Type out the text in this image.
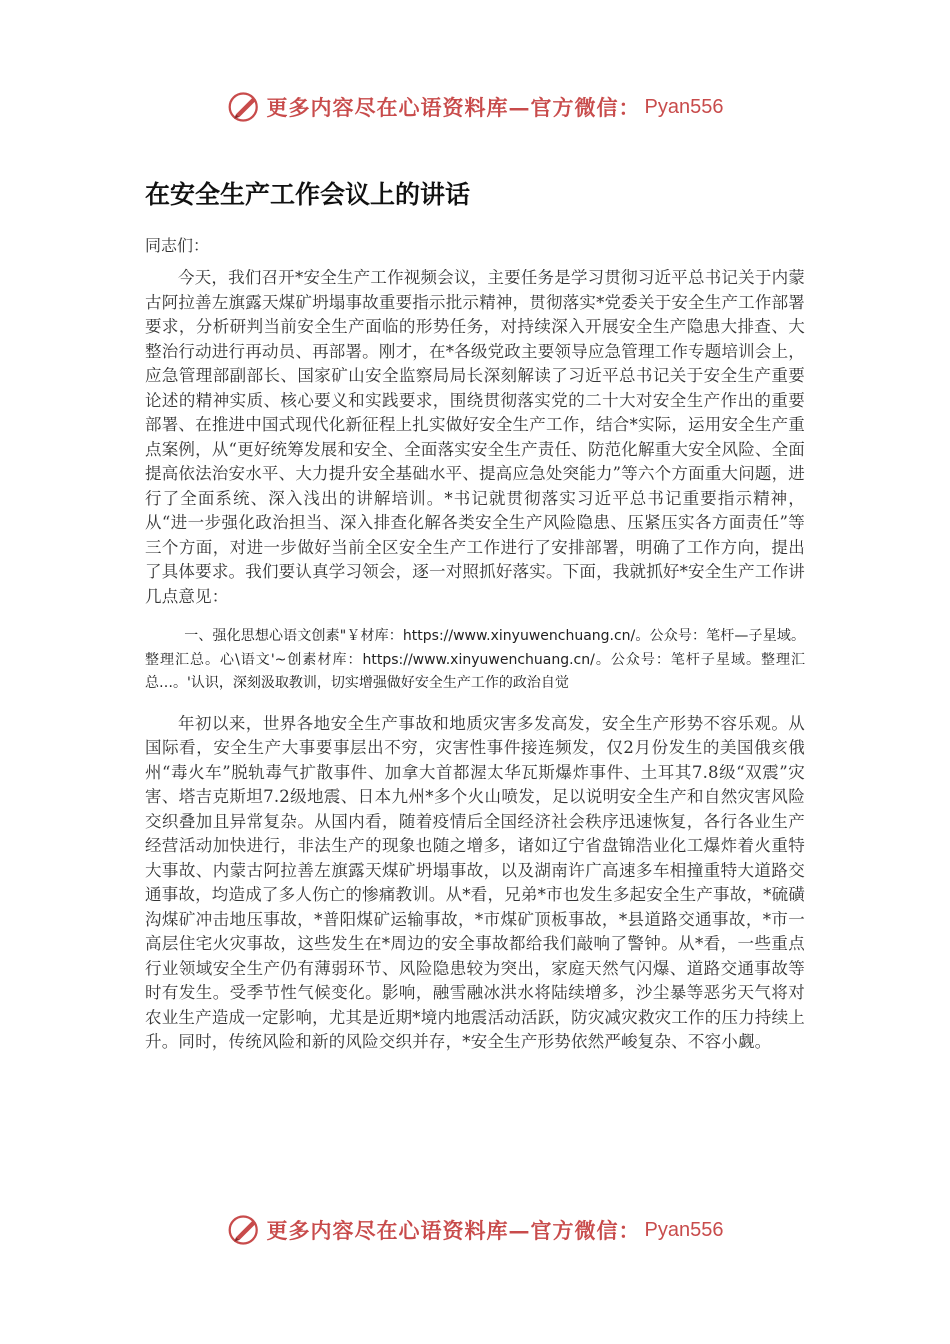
更多内容尽在心语资料库—官方微信： Pyan556
在安全生产工作会议上的讲话
同志们：

今天，我们召开*安全生产工作视频会议，主要任务是学习贯彻习近平总书记关于内蒙古阿拉善左旗露天煤矿坍塌事故重要指示批示精神，贯彻落实*党委关于安全生产工作部署要求，分析研判当前安全生产面临的形势任务，对持续深入开展安全生产隐患大排查、大整治行动进行再动员、再部署。刚才，在*各级党政主要领导应急管理工作专题培训会上，应急管理部副部长、国家矿山安全监察局局长深刻解读了习近平总书记关于安全生产重要论述的精神实质、核心要义和实践要求，围绕贯彻落实党的二十大对安全生产作出的重要部署、在推进中国式现代化新征程上扎实做好安全生产工作，结合*实际，运用安全生产重点案例，从“更好统筹发展和安全、全面落实安全生产责任、防范化解重大安全风险、全面提高依法治安水平、大力提升安全基础水平、提高应急处突能力”等六个方面重大问题，进行了全面系统、深入浅出的讲解培训。*书记就贯彻落实习近平总书记重要指示精神，从“进一步强化政治担当、深入排查化解各类安全生产风险隐患、压紧压实各方面责任”等三个方面，对进一步做好当前全区安全生产工作进行了安排部署，明确了工作方向，提出了具体要求。我们要认真学习领会，逐一对照抓好落实。下面，我就抓好*安全生产工作讲几点意见：

一、强化思想心语文创素"￥材库：https://www.xinyuwenchuang.cn/。公众号：笔杆—子星域。整理汇总。心\语文'~创素材库：https://www.xinyuwenchuang.cn/。公众号：笔杆子星域。整理汇总…。'认识，深刻汲取教训，切实增强做好安全生产工作的政治自觉

年初以来，世界各地安全生产事故和地质灾害多发高发，安全生产形势不容乐观。从国际看，安全生产大事要事层出不穷，灾害性事件接连频发，仅2月份发生的美国俄亥俄州“毒火车”脱轨毒气扩散事件、加拿大首都渥太华瓦斯爆炸事件、土耳其7.8级“双震”灾害、塔吉克斯坦7.2级地震、日本九州*多个火山喷发，足以说明安全生产和自然灾害风险交织叠加且异常复杂。从国内看，随着疫情后全国经济社会秩序迅速恢复，各行各业生产经营活动加快进行，非法生产的现象也随之增多，诸如辽宁省盘锦浩业化工爆炸着火重特大事故、内蒙古阿拉善左旗露天煤矿坍塌事故，以及湖南许广高速多车相撞重特大道路交通事故，均造成了多人伤亡的惨痛教训。从*看，兄弟*市也发生多起安全生产事故，*硫磺沟煤矿冲击地压事故，*普阳煤矿运输事故，*市煤矿顶板事故，*县道路交通事故，*市一高层住宅火灾事故，这些发生在*周边的安全事故都给我们敲响了警钟。从*看，一些重点行业领域安全生产仍有薄弱环节、风险隐患较为突出，家庭天然气闪爆、道路交通事故等时有发生。受季节性气候变化。影响，融雪融冰洪水将陆续增多，沙尘暴等恶劣天气将对农业生产造成一定影响，尤其是近期*境内地震活动活跃，防灾减灾救灾工作的压力持续上升。同时，传统风险和新的风险交织并存，*安全生产形势依然严峻复杂、不容小觑。

更多内容尽在心语资料库—官方微信： Pyan556
